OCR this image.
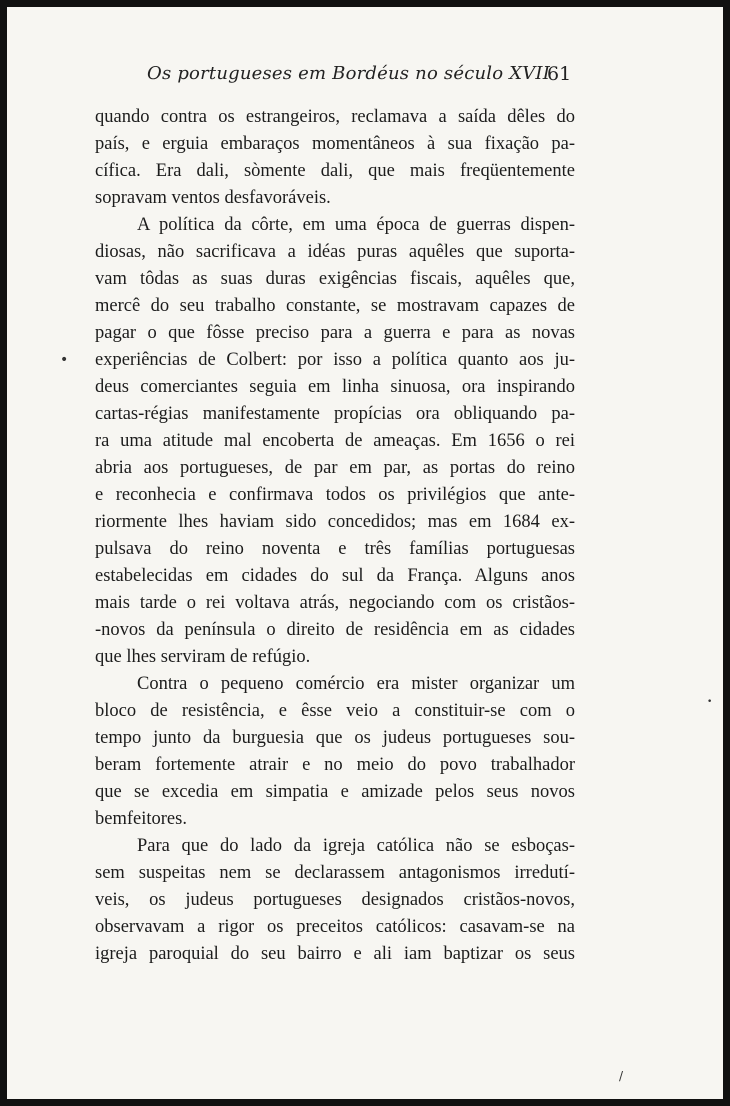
Os portugueses em Bordéus no século XVII
61
quando contra os estrangeiros, reclamava a saída dêles do
país, e erguia embaraços momentâneos à sua fixação pa-
cífica. Era dali, sòmente dali, que mais freqüentemente
sopravam ventos desfavoráveis.
A política da côrte, em uma época de guerras dispen-
diosas, não sacrificava a idéas puras aquêles que suporta-
vam tôdas as suas duras exigências fiscais, aquêles que,
mercê do seu trabalho constante, se mostravam capazes de
pagar o que fôsse preciso para a guerra e para as novas
experiências de Colbert: por isso a política quanto aos ju-
deus comerciantes seguia em linha sinuosa, ora inspirando
cartas-régias manifestamente propícias ora obliquando pa-
ra uma atitude mal encoberta de ameaças. Em 1656 o rei
abria aos portugueses, de par em par, as portas do reino
e reconhecia e confirmava todos os privilégios que ante-
riormente lhes haviam sido concedidos; mas em 1684 ex-
pulsava do reino noventa e três famílias portuguesas
estabelecidas em cidades do sul da França. Alguns anos
mais tarde o rei voltava atrás, negociando com os cristãos-
-novos da península o direito de residência em as cidades
que lhes serviram de refúgio.
Contra o pequeno comércio era mister organizar um
bloco de resistência, e êsse veio a constituir-se com o
tempo junto da burguesia que os judeus portugueses sou-
beram fortemente atrair e no meio do povo trabalhador
que se excedia em simpatia e amizade pelos seus novos
bemfeitores.
Para que do lado da igreja católica não se esboças-
sem suspeitas nem se declarassem antagonismos irredutí-
veis, os judeus portugueses designados cristãos-novos,
observavam a rigor os preceitos católicos: casavam-se na
igreja paroquial do seu bairro e ali iam baptizar os seus
•
•
/
